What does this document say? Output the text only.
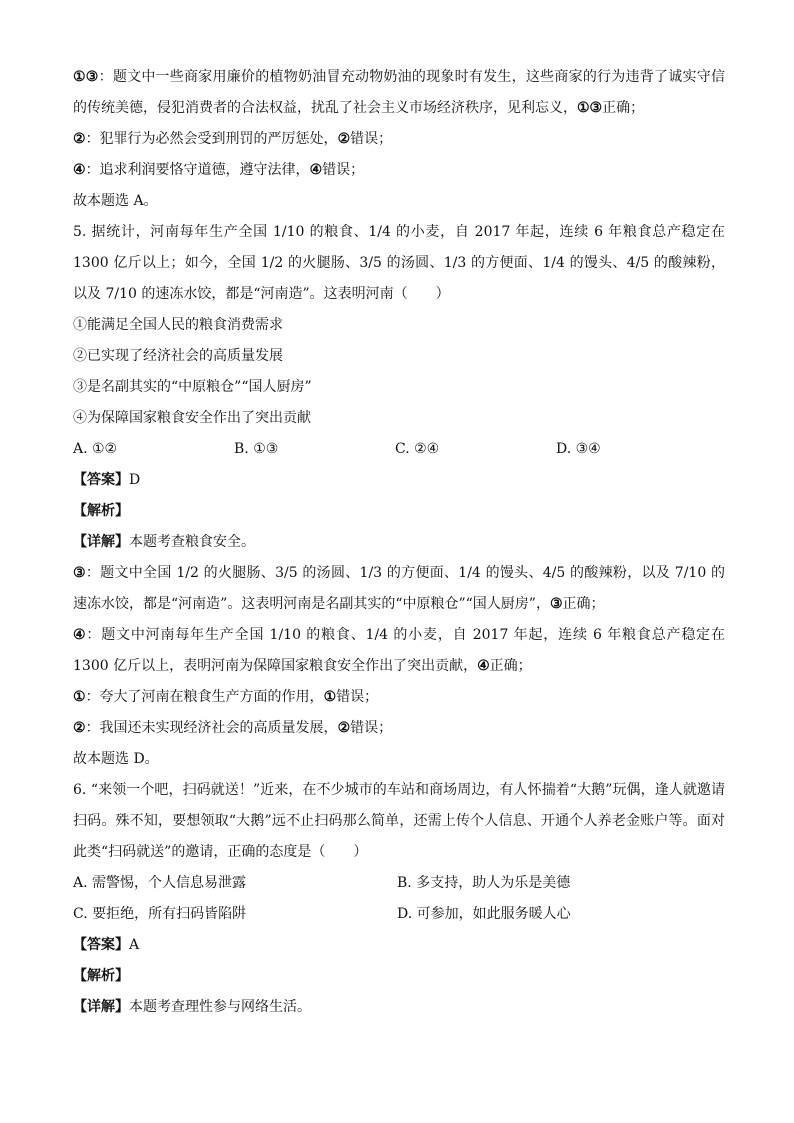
①③：题文中一些商家用廉价的植物奶油冒充动物奶油的现象时有发生，这些商家的行为违背了诚实守信的传统美德，侵犯消费者的合法权益，扰乱了社会主义市场经济秩序，见利忘义，①③正确；
②：犯罪行为必然会受到刑罚的严厉惩处，②错误；
④：追求利润要恪守道德，遵守法律，④错误；
故本题选 A。
5. 据统计，河南每年生产全国 1/10 的粮食、1/4 的小麦，自 2017 年起，连续 6 年粮食总产稳定在 1300 亿斤以上；如今，全国 1/2 的火腿肠、3/5 的汤圆、1/3 的方便面、1/4 的馒头、4/5 的酸辣粉，以及 7/10 的速冻水饺，都是“河南造”。这表明河南（　　）
①能满足全国人民的粮食消费需求
②已实现了经济社会的高质量发展
③是名副其实的“中原粮仓”“国人厨房”
④为保障国家粮食安全作出了突出贡献
A. ①②	B. ①③	C. ②④	D. ③④
【答案】D
【解析】
【详解】本题考查粮食安全。
③：题文中全国 1/2 的火腿肠、3/5 的汤圆、1/3 的方便面、1/4 的馒头、4/5 的酸辣粉，以及 7/10 的速冻水饺，都是“河南造”。这表明河南是名副其实的“中原粮仓”“国人厨房”，③正确；
④：题文中河南每年生产全国 1/10 的粮食、1/4 的小麦，自 2017 年起，连续 6 年粮食总产稳定在 1300 亿斤以上，表明河南为保障国家粮食安全作出了突出贡献，④正确；
①：夸大了河南在粮食生产方面的作用，①错误；
②：我国还未实现经济社会的高质量发展，②错误；
故本题选 D。
6. “来领一个吧，扫码就送！”近来，在不少城市的车站和商场周边，有人怀揣着“大鹅”玩偶，逢人就邀请扫码。殊不知，要想领取“大鹅”远不止扫码那么简单，还需上传个人信息、开通个人养老金账户等。面对此类“扫码就送”的邀请，正确的态度是（　　）
A. 需警惕，个人信息易泄露	B. 多支持，助人为乐是美德
C. 要拒绝，所有扫码皆陷阱	D. 可参加，如此服务暖人心
【答案】A
【解析】
【详解】本题考查理性参与网络生活。
